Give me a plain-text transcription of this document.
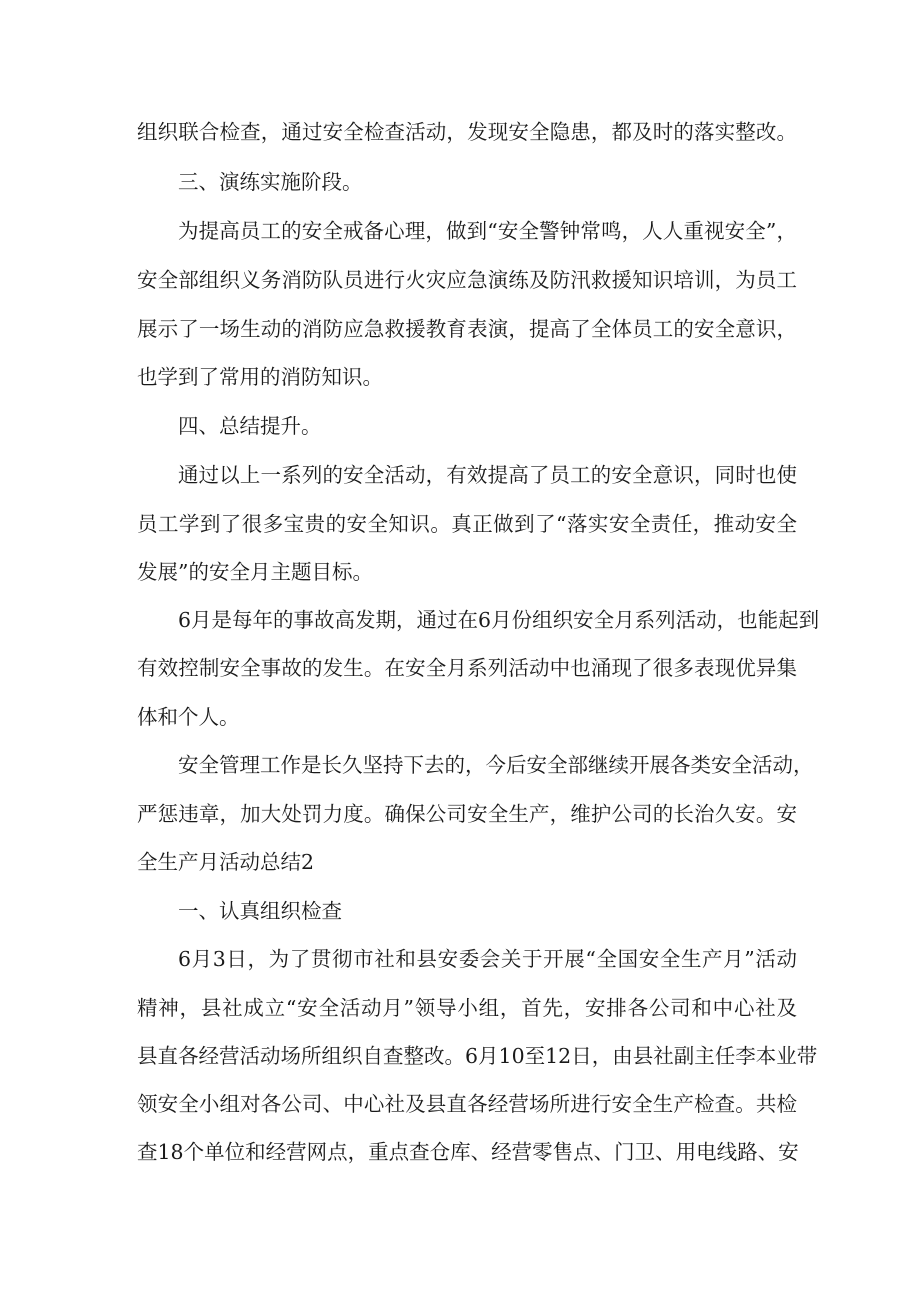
组织联合检查，通过安全检查活动，发现安全隐患，都及时的落实整改。
三、演练实施阶段。
为提高员工的安全戒备心理，做到“安全警钟常鸣，人人重视安全”，
安全部组织义务消防队员进行火灾应急演练及防汛救援知识培训，为员工
展示了一场生动的消防应急救援教育表演，提高了全体员工的安全意识，
也学到了常用的消防知识。
四、总结提升。
通过以上一系列的安全活动，有效提高了员工的安全意识，同时也使
员工学到了很多宝贵的安全知识。真正做到了“落实安全责任，推动安全
发展”的安全月主题目标。
6月是每年的事故高发期，通过在6月份组织安全月系列活动，也能起到
有效控制安全事故的发生。在安全月系列活动中也涌现了很多表现优异集
体和个人。
安全管理工作是长久坚持下去的，今后安全部继续开展各类安全活动，
严惩违章，加大处罚力度。确保公司安全生产，维护公司的长治久安。安
全生产月活动总结2
一、认真组织检查
6月3日，为了贯彻市社和县安委会关于开展“全国安全生产月”活动
精神，县社成立“安全活动月”领导小组，首先，安排各公司和中心社及
县直各经营活动场所组织自查整改。6月10至12日，由县社副主任李本业带
领安全小组对各公司、中心社及县直各经营场所进行安全生产检查。共检
查18个单位和经营网点，重点查仓库、经营零售点、门卫、用电线路、安
